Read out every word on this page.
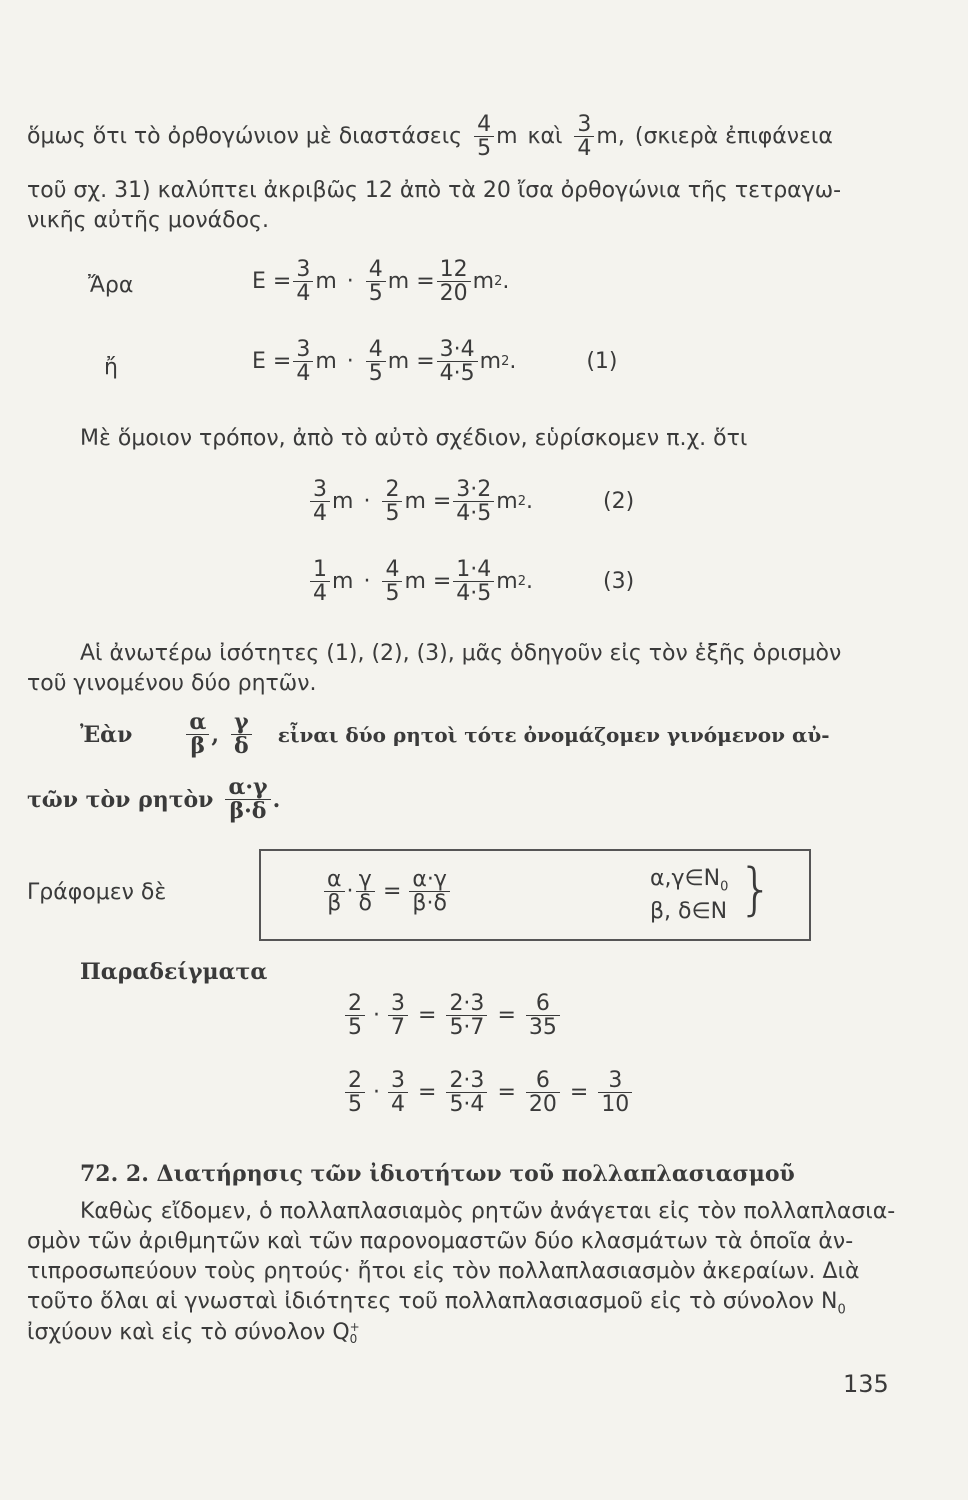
ὅμως ὅτι τὸ ὀρθογώνιον μὲ διαστάσεις $\frac{4}{5}$ m καὶ $\frac{3}{4} m$, (σκιερὰ ἐπιφάνεια
τοῦ σχ. 31) καλύπτει ἀκριβῶς 12 ἀπὸ τὰ 20 ἴσα ὀρθογώνια τῆς τετραγω-
νικῆς αὐτῆς μονάδος.
Ἄρα	$E = \frac{3}{4}$ $m \cdot \frac{4}{5}$ $m = \frac{12}{20}$ m 2 .
ἤ	$E = \frac{3}{4}$ $m \cdot \frac{4}{5}$ $m = \frac{3\cdot 4}{4\cdot 5}$ m 2 .	(1)
Μὲ ὅμοιον τρόπον, ἀπὸ τὸ αὐτὸ σχέδιον, εὑρίσκομεν π.χ. ὅτι
$\frac{3}{4}$ $m \cdot \frac{2}{5}$ $m = \frac{3\cdot 2}{4\cdot 5}$ m 2 .	(2)
$\frac{1}{4}$ $m \cdot \frac{4}{5}$ $m = \frac{1\cdot 4}{4\cdot 5}$ m 2 .	(3)
Αἱ ἀνωτέρω ἰσότητες (1), (2), (3), μᾶς ὁδηγοῦν εἰς τὸν ἑξῆς ὁρισμὸν
τοῦ γινομένου δύο ρητῶν.
Ἐὰν $\frac{\alpha}{\beta}$ , $\frac{\gamma}{\delta}$ εἶναι δύο ρητοὶ τότε ὀνομάζομεν γινόμενον αὐ-
τῶν τὸν ρητὸν $\frac{\alpha\cdot\gamma}{\beta\cdot\delta}$ .
Γράφομεν δὲ	$\frac{\alpha}{\beta} \cdot \frac{\gamma}{\delta} = \frac{\alpha\cdot\gamma}{\beta\cdot\delta}$	$\alpha,\gamma\in N_0$
β, δ∈N }
Παραδείγματα
$\frac{2}{5} \cdot \frac{3}{7} = \frac{2\cdot 3}{5\cdot 7} = \frac{6}{35}$
$\frac{2}{5} \cdot \frac{3}{4} = \frac{2\cdot 3}{5\cdot 4} = \frac{6}{20} = \frac{3}{10}$
72. 2. Διατήρησις τῶν ἰδιοτήτων τοῦ πολλαπλασιασμοῦ
Καθὼς εἴδομεν, ὁ πολλαπλασιαμὸς ρητῶν ἀνάγεται εἰς τὸν πολλαπλασια-
σμὸν τῶν ἀριθμητῶν καὶ τῶν παρονομαστῶν δύο κλασμάτων τὰ ὁποῖα ἀν-
τιπροσωπεύουν τοὺς ρητούς· ἤτοι εἰς τὸν πολλαπλασιασμὸν ἀκεραίων. Διὰ
τοῦτο ὅλαι αἱ γνωσταὶ ἰδιότητες τοῦ πολλαπλασιασμοῦ εἰς τὸ σύνολον $N_0$
ἰσχύουν καὶ εἰς τὸ σύνολον Q +
0
135
